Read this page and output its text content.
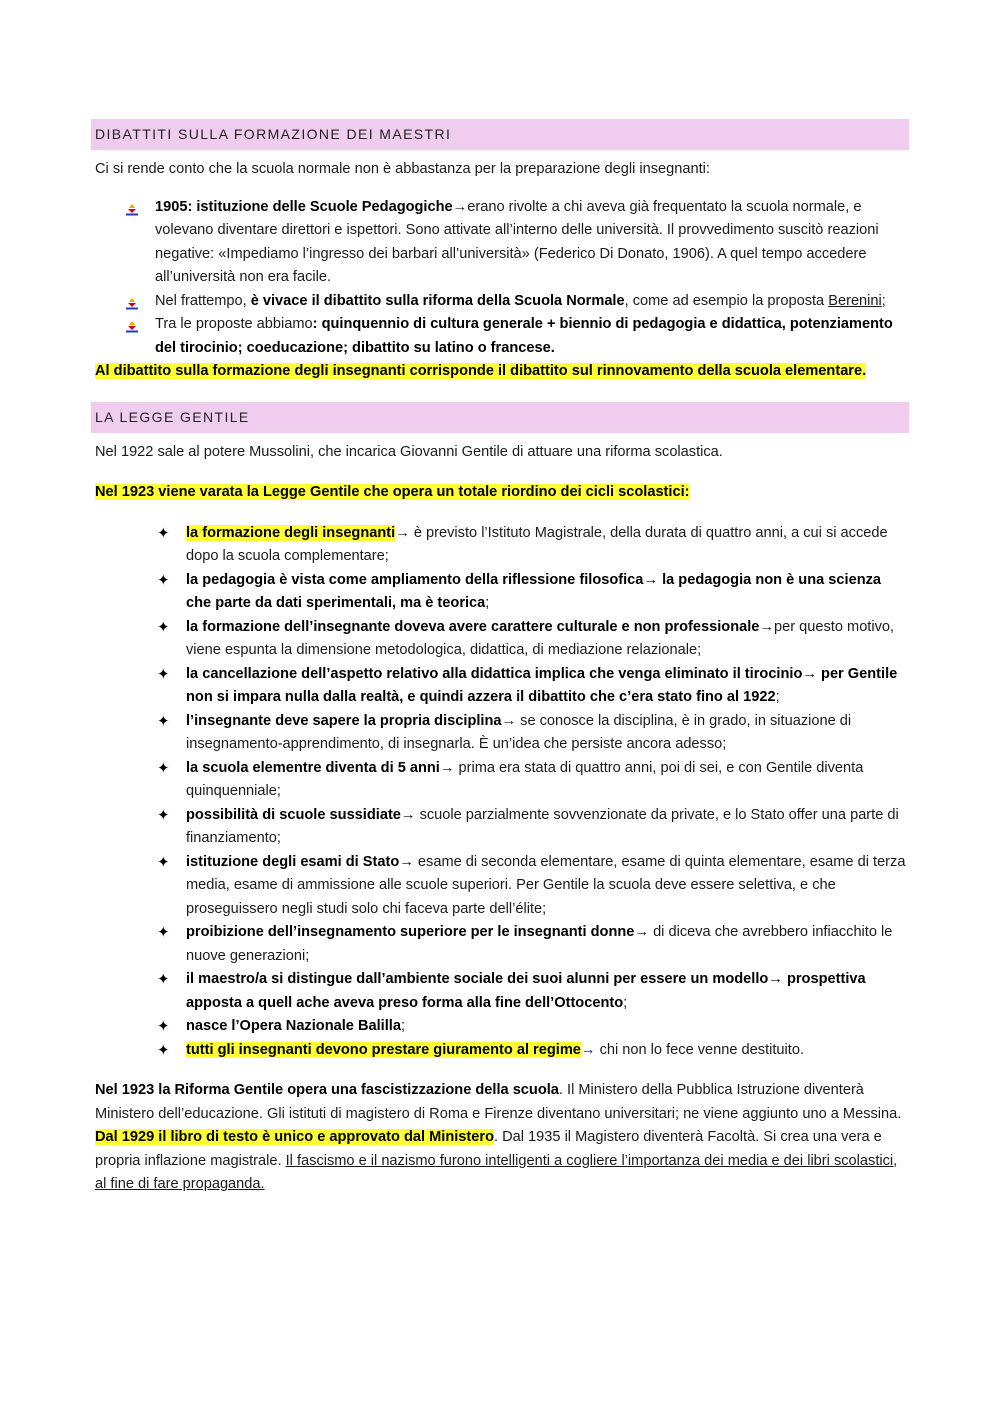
DIBATTITI SULLA FORMAZIONE DEI MAESTRI

Ci si rende conto che la scuola normale non è abbastanza per la preparazione degli insegnanti:

1905: istituzione delle Scuole Pedagogiche→erano rivolte a chi aveva già frequentato la scuola normale, e volevano diventare direttori e ispettori. Sono attivate all’interno delle università. Il provvedimento suscitò reazioni negative: «Impediamo l’ingresso dei barbari all’università» (Federico Di Donato, 1906). A quel tempo accedere all’università non era facile.
Nel frattempo, è vivace il dibattito sulla riforma della Scuola Normale, come ad esempio la proposta Berenini;
Tra le proposte abbiamo: quinquennio di cultura generale + biennio di pedagogia e didattica, potenziamento del tirocinio; coeducazione; dibattito su latino o francese.

Al dibattito sulla formazione degli insegnanti corrisponde il dibattito sul rinnovamento della scuola elementare.

LA LEGGE GENTILE

Nel 1922 sale al potere Mussolini, che incarica Giovanni Gentile di attuare una riforma scolastica.

Nel 1923 viene varata la Legge Gentile che opera un totale riordino dei cicli scolastici:

✦ la formazione degli insegnanti→ è previsto l’Istituto Magistrale, della durata di quattro anni, a cui si accede dopo la scuola complementare;
✦ la pedagogia è vista come ampliamento della riflessione filosofica→ la pedagogia non è una scienza che parte da dati sperimentali, ma è teorica;
✦ la formazione dell’insegnante doveva avere carattere culturale e non professionale→per questo motivo, viene espunta la dimensione metodologica, didattica, di mediazione relazionale;
✦ la cancellazione dell’aspetto relativo alla didattica implica che venga eliminato il tirocinio→ per Gentile non si impara nulla dalla realtà, e quindi azzera il dibattito che c’era stato fino al 1922;
✦ l’insegnante deve sapere la propria disciplina→ se conosce la disciplina, è in grado, in situazione di insegnamento-apprendimento, di insegnarla. È un’idea che persiste ancora adesso;
✦ la scuola elementre diventa di 5 anni→ prima era stata di quattro anni, poi di sei, e con Gentile diventa quinquenniale;
✦ possibilità di scuole sussidiate→ scuole parzialmente sovvenzionate da private, e lo Stato offer una parte di finanziamento;
✦ istituzione degli esami di Stato→ esame di seconda elementare, esame di quinta elementare, esame di terza media, esame di ammissione alle scuole superiori. Per Gentile la scuola deve essere selettiva, e che proseguissero negli studi solo chi faceva parte dell’élite;
✦ proibizione dell’insegnamento superiore per le insegnanti donne→ di diceva che avrebbero infiacchito le nuove generazioni;
✦ il maestro/a si distingue dall’ambiente sociale dei suoi alunni per essere un modello→ prospettiva apposta a quell ache aveva preso forma alla fine dell’Ottocento;
✦ nasce l’Opera Nazionale Balilla;
✦ tutti gli insegnanti devono prestare giuramento al regime→ chi non lo fece venne destituito.

Nel 1923 la Riforma Gentile opera una fascistizzazione della scuola. Il Ministero della Pubblica Istruzione diventerà Ministero dell’educazione. Gli istituti di magistero di Roma e Firenze diventano universitari; ne viene aggiunto uno a Messina. Dal 1929 il libro di testo è unico e approvato dal Ministero. Dal 1935 il Magistero diventerà Facoltà. Si crea una vera e propria inflazione magistrale. Il fascismo e il nazismo furono intelligenti a cogliere l’importanza dei media e dei libri scolastici, al fine di fare propaganda.
